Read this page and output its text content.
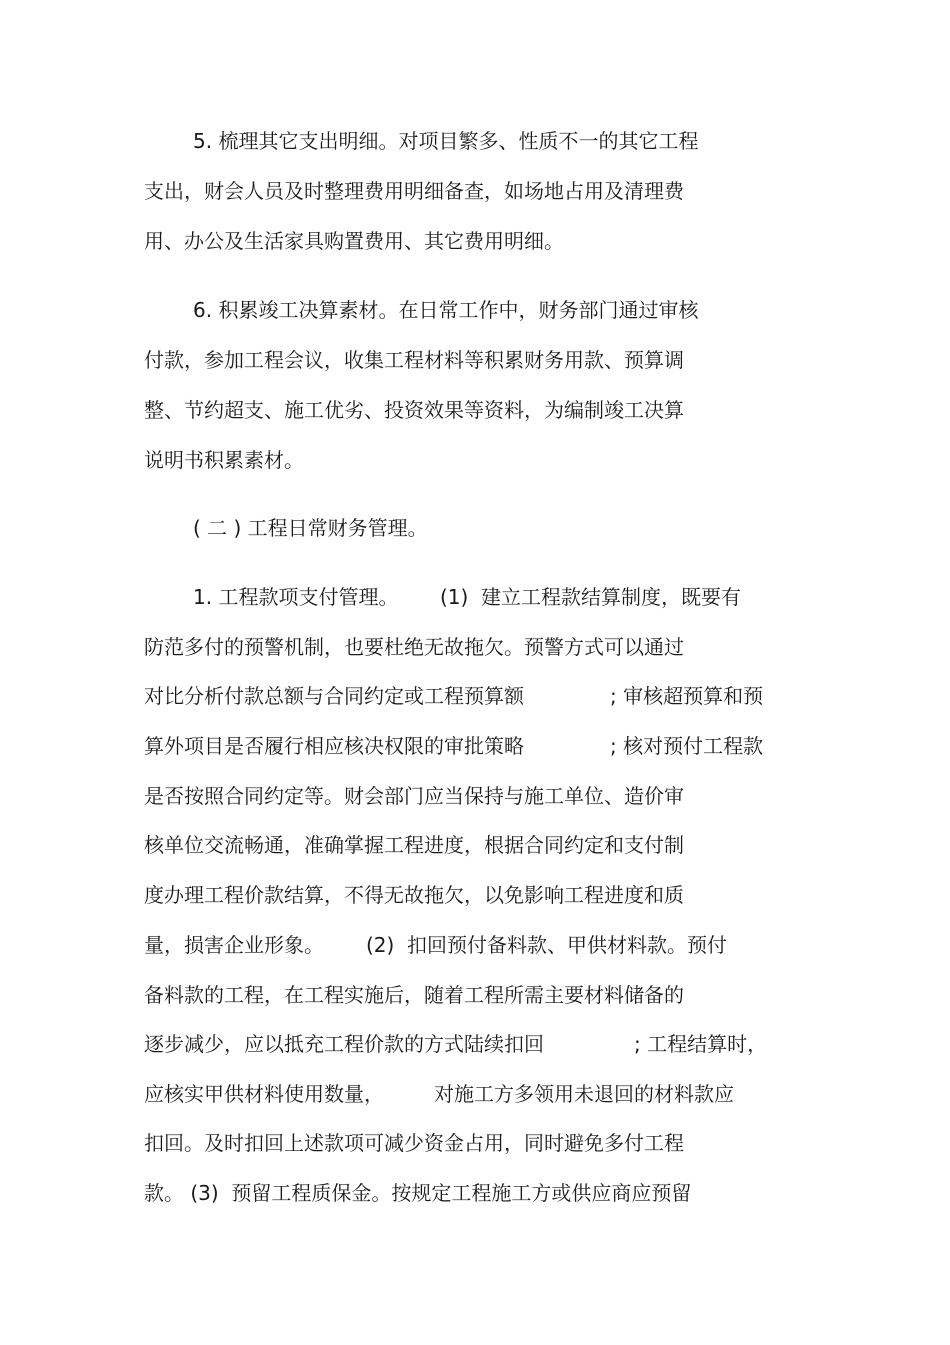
5. 梳理其它支出明细。对项目繁多、性质不一的其它工程
支出，财会人员及时整理费用明细备查，如场地占用及清理费
用、办公及生活家具购置费用、其它费用明细。
6. 积累竣工决算素材。在日常工作中，财务部门通过审核
付款，参加工程会议，收集工程材料等积累财务用款、预算调
整、节约超支、施工优劣、投资效果等资料，为编制竣工决算
说明书积累素材。
( 二 ) 工程日常财务管理。
1. 工程款项支付管理。 (1)  建立工程款结算制度，既要有
防范多付的预警机制，也要杜绝无故拖欠。预警方式可以通过
对比分析付款总额与合同约定或工程预算额	; 审核超预算和预
算外项目是否履行相应核决权限的审批策略	; 核对预付工程款
是否按照合同约定等。财会部门应当保持与施工单位、造价审
核单位交流畅通，准确掌握工程进度，根据合同约定和支付制
度办理工程价款结算，不得无故拖欠，以免影响工程进度和质
量，损害企业形象。 (2)  扣回预付备料款、甲供材料款。预付
备料款的工程，在工程实施后，随着工程所需主要材料储备的
逐步减少，应以抵充工程价款的方式陆续扣回	; 工程结算时，
应核实甲供材料使用数量，	对施工方多领用未退回的材料款应
扣回。及时扣回上述款项可减少资金占用，同时避免多付工程
款。 (3)  预留工程质保金。按规定工程施工方或供应商应预留
